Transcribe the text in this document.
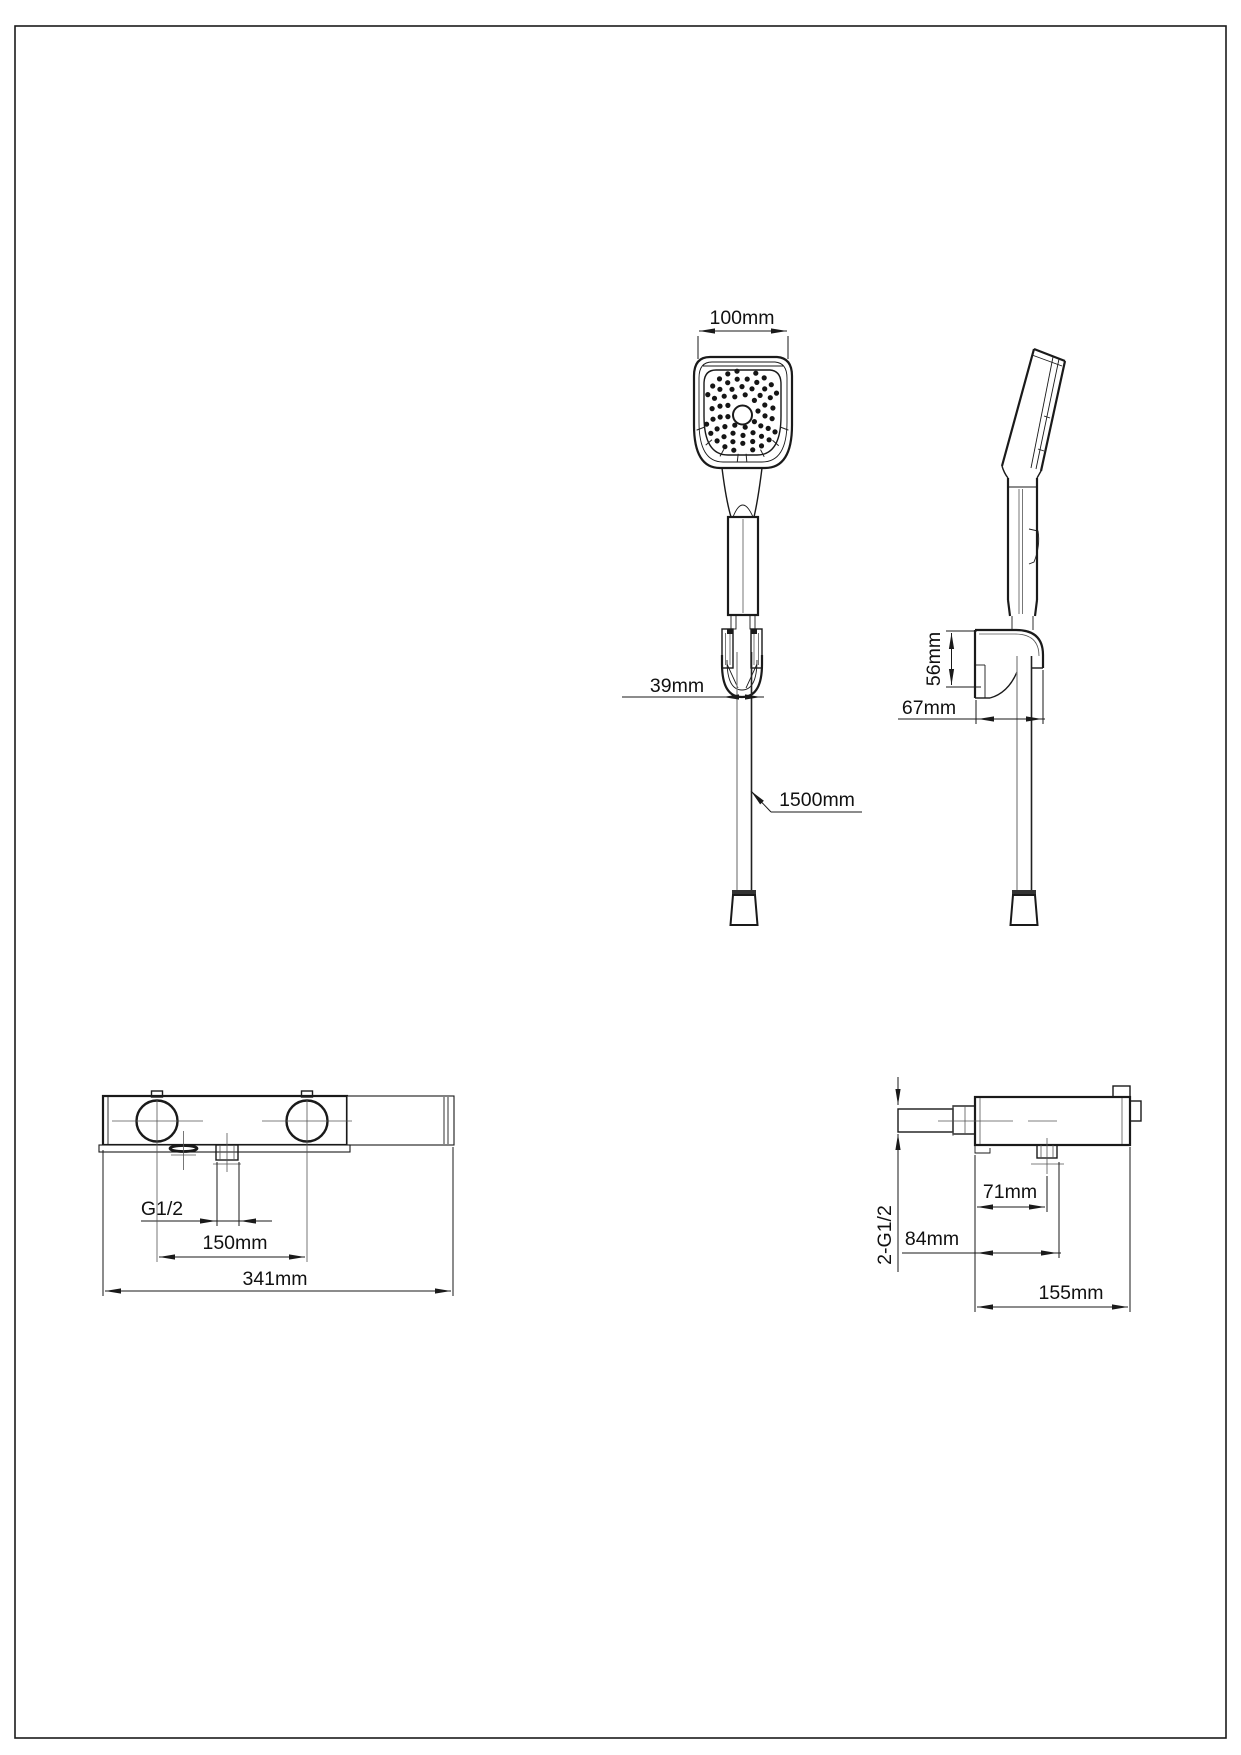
100mm
39mm
1500mm
56mm
67mm
G1/2
150mm
341mm
2-G1/2
71mm
84mm
155mm
